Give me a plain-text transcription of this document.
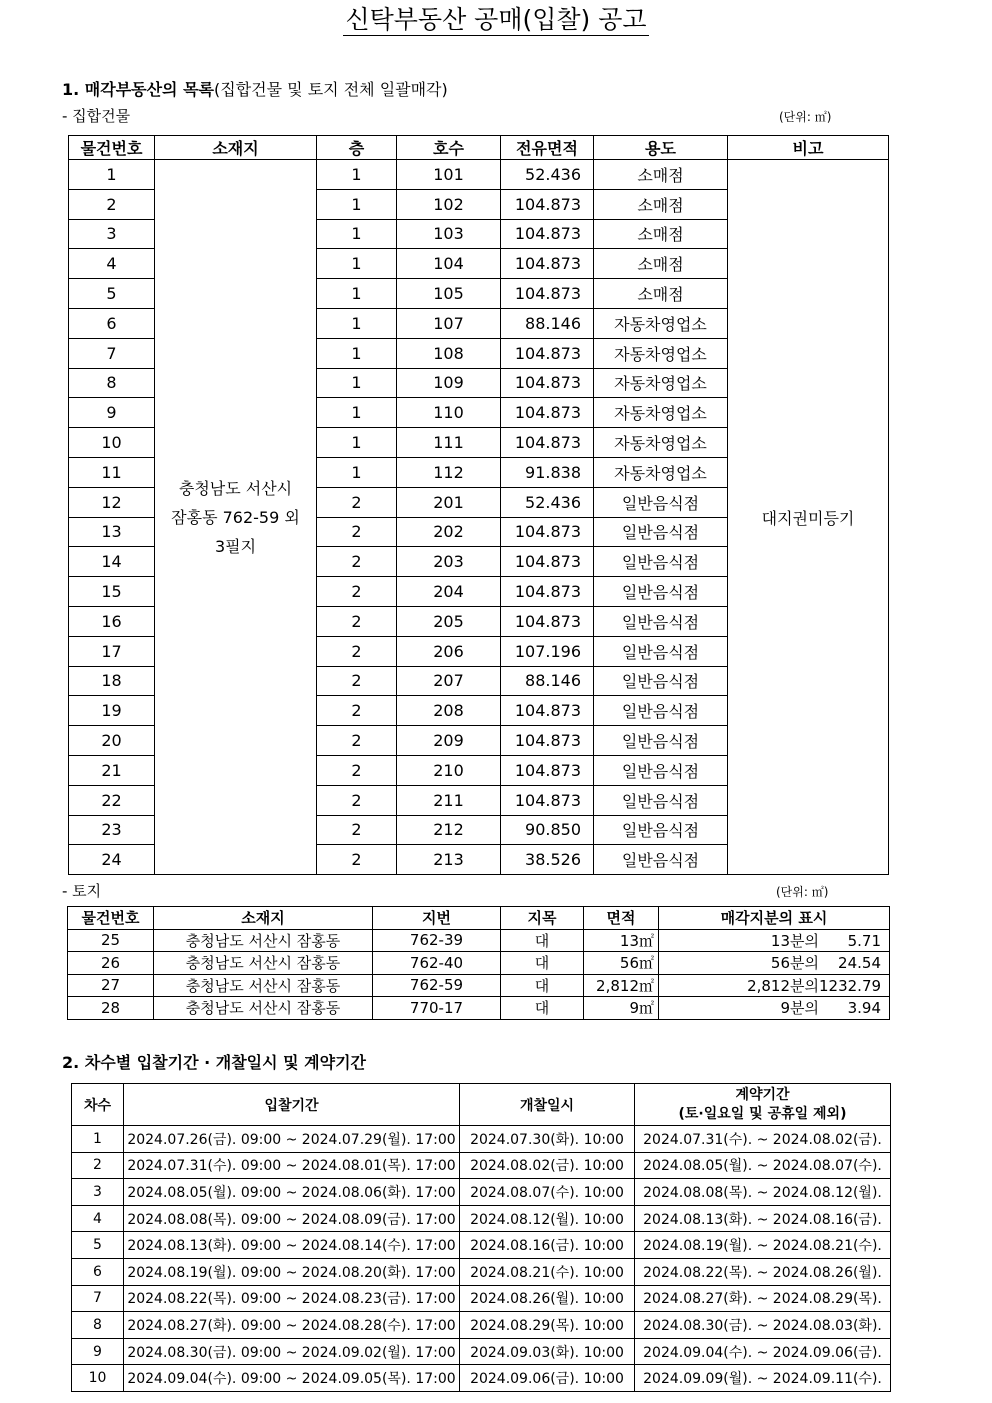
신탁부동산 공매(입찰) 공고
1. 매각부동산의 목록(집합건물 및 토지 전체 일괄매각)
- 집합건물	(단위: ㎡)
물건번호	소재지	층	호수	전유면적	용도	비고
1	충청남도 서산시
잠홍동 762-59 외
3필지	1	101	52.436	소매점	대지권미등기
2		1	102	104.873	소매점	
3		1	103	104.873	소매점	
4		1	104	104.873	소매점	
5		1	105	104.873	소매점	
6		1	107	88.146	자동차영업소	
7		1	108	104.873	자동차영업소	
8		1	109	104.873	자동차영업소	
9		1	110	104.873	자동차영업소	
10		1	111	104.873	자동차영업소	
11		1	112	91.838	자동차영업소	
12		2	201	52.436	일반음식점	
13		2	202	104.873	일반음식점	
14		2	203	104.873	일반음식점	
15		2	204	104.873	일반음식점	
16		2	205	104.873	일반음식점	
17		2	206	107.196	일반음식점	
18		2	207	88.146	일반음식점	
19		2	208	104.873	일반음식점	
20		2	209	104.873	일반음식점	
21		2	210	104.873	일반음식점	
22		2	211	104.873	일반음식점	
23		2	212	90.850	일반음식점	
24		2	213	38.526	일반음식점	
- 토지	(단위: ㎡)
물건번호	소재지	지번	지목	면적	매각지분의 표시
25	충청남도 서산시 잠홍동	762-39	대	13㎡	13분의 5.71
26	충청남도 서산시 잠홍동	762-40	대	56㎡	56분의 24.54
27	충청남도 서산시 잠홍동	762-59	대	2,812㎡	2,812분의1232.79
28	충청남도 서산시 잠홍동	770-17	대	9㎡	9분의 3.94
2. 차수별 입찰기간 · 개찰일시 및 계약기간
차수	입찰기간	개찰일시	계약기간
(토·일요일 및 공휴일 제외)

1	2024.07.26(금). 09:00 ~ 2024.07.29(월). 17:00	2024.07.30(화). 10:00	2024.07.31(수). ~ 2024.08.02(금).
2	2024.07.31(수). 09:00 ~ 2024.08.01(목). 17:00	2024.08.02(금). 10:00	2024.08.05(월). ~ 2024.08.07(수).
3	2024.08.05(월). 09:00 ~ 2024.08.06(화). 17:00	2024.08.07(수). 10:00	2024.08.08(목). ~ 2024.08.12(월).
4	2024.08.08(목). 09:00 ~ 2024.08.09(금). 17:00	2024.08.12(월). 10:00	2024.08.13(화). ~ 2024.08.16(금).
5	2024.08.13(화). 09:00 ~ 2024.08.14(수). 17:00	2024.08.16(금). 10:00	2024.08.19(월). ~ 2024.08.21(수).
6	2024.08.19(월). 09:00 ~ 2024.08.20(화). 17:00	2024.08.21(수). 10:00	2024.08.22(목). ~ 2024.08.26(월).
7	2024.08.22(목). 09:00 ~ 2024.08.23(금). 17:00	2024.08.26(월). 10:00	2024.08.27(화). ~ 2024.08.29(목).
8	2024.08.27(화). 09:00 ~ 2024.08.28(수). 17:00	2024.08.29(목). 10:00	2024.08.30(금). ~ 2024.08.03(화).
9	2024.08.30(금). 09:00 ~ 2024.09.02(월). 17:00	2024.09.03(화). 10:00	2024.09.04(수). ~ 2024.09.06(금).
10	2024.09.04(수). 09:00 ~ 2024.09.05(목). 17:00	2024.09.06(금). 10:00	2024.09.09(월). ~ 2024.09.11(수).
